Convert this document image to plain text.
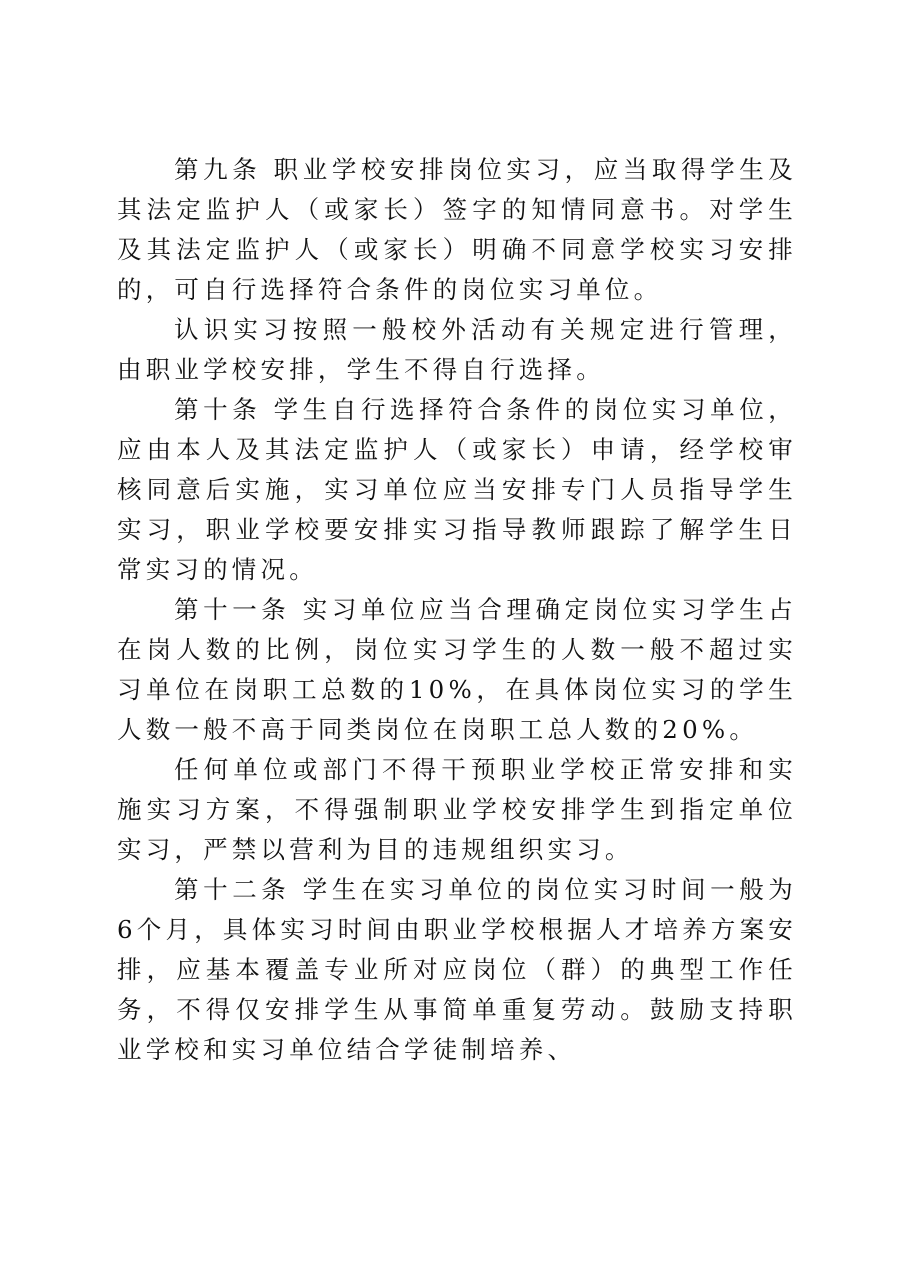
第九条 职业学校安排岗位实习，应当取得学生及其法定监护人（或家长）签字的知情同意书。对学生及其法定监护人（或家长）明确不同意学校实习安排的，可自行选择符合条件的岗位实习单位。

认识实习按照一般校外活动有关规定进行管理，由职业学校安排，学生不得自行选择。

第十条 学生自行选择符合条件的岗位实习单位，应由本人及其法定监护人（或家长）申请，经学校审核同意后实施，实习单位应当安排专门人员指导学生实习，职业学校要安排实习指导教师跟踪了解学生日常实习的情况。

第十一条 实习单位应当合理确定岗位实习学生占在岗人数的比例，岗位实习学生的人数一般不超过实习单位在岗职工总数的10%，在具体岗位实习的学生人数一般不高于同类岗位在岗职工总人数的20%。

任何单位或部门不得干预职业学校正常安排和实施实习方案，不得强制职业学校安排学生到指定单位实习，严禁以营利为目的违规组织实习。

第十二条 学生在实习单位的岗位实习时间一般为6个月，具体实习时间由职业学校根据人才培养方案安排，应基本覆盖专业所对应岗位（群）的典型工作任务，不得仅安排学生从事简单重复劳动。鼓励支持职业学校和实习单位结合学徒制培养、
